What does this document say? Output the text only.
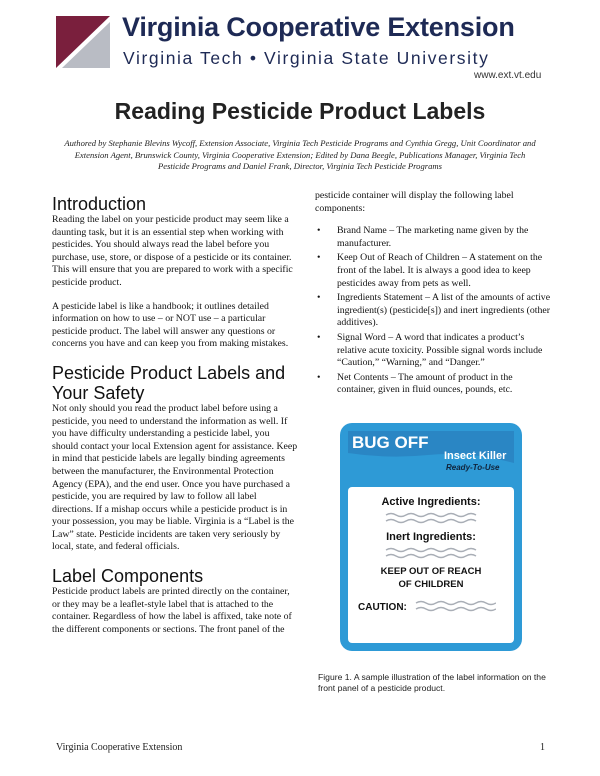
Virginia Cooperative Extension
Virginia Tech • Virginia State University
www.ext.vt.edu
Reading Pesticide Product Labels
Authored by Stephanie Blevins Wycoff, Extension Associate, Virginia Tech Pesticide Programs and Cynthia Gregg, Unit Coordinator and Extension Agent, Brunswick County, Virginia Cooperative Extension; Edited by Dana Beegle, Publications Manager, Virginia Tech Pesticide Programs and Daniel Frank, Director, Virginia Tech Pesticide Programs
Introduction

Reading the label on your pesticide product may seem like a daunting task, but it is an essential step when working with pesticides. You should always read the label before you purchase, use, store, or dispose of a pesticide or its container. This will ensure that you are prepared to work with a specific pesticide product.

A pesticide label is like a handbook; it outlines detailed information on how to use – or NOT use – a particular pesticide product. The label will answer any questions or concerns you have and can keep you from making mistakes.

Pesticide Product Labels and Your Safety

Not only should you read the product label before using a pesticide, you need to understand the information as well. If you have difficulty understanding a pesticide label, you should contact your local Extension agent for assistance. Keep in mind that pesticide labels are legally binding agreements between the manufacturer, the Environmental Protection Agency (EPA), and the end user. Once you have purchased a pesticide, you are required by law to follow all label directions. If a mishap occurs while a pesticide product is in your possession, you may be liable. Virginia is a “Label is the Law” state. Pesticide incidents are taken very seriously by local, state, and federal officials.

Label Components

Pesticide product labels are printed directly on the container, or they may be a leaflet-style label that is attached to the container. Regardless of how the label is affixed, take note of the different components or sections. The front panel of the

pesticide container will display the following label components:

• Brand Name – The marketing name given by the manufacturer.
• Keep Out of Reach of Children – A statement on the front of the label. It is always a good idea to keep pesticides away from pets as well.
• Ingredients Statement – A list of the amounts of active ingredient(s) (pesticide[s]) and inert ingredients (other additives).
• Signal Word – A word that indicates a product’s relative acute toxicity. Possible signal words include “Caution,” “Warning,” and “Danger.”
• Net Contents – The amount of product in the container, given in fluid ounces, pounds, etc.
BUG OFF
Insect Killer
Ready-To-Use
Active Ingredients:
Inert Ingredients:
KEEP OUT OF REACH
OF CHILDREN
CAUTION:
Net Contents: 24 FL OZ (709 mL)
Figure 1. A sample illustration of the label information on the front panel of a pesticide product.
Virginia Cooperative Extension	1
